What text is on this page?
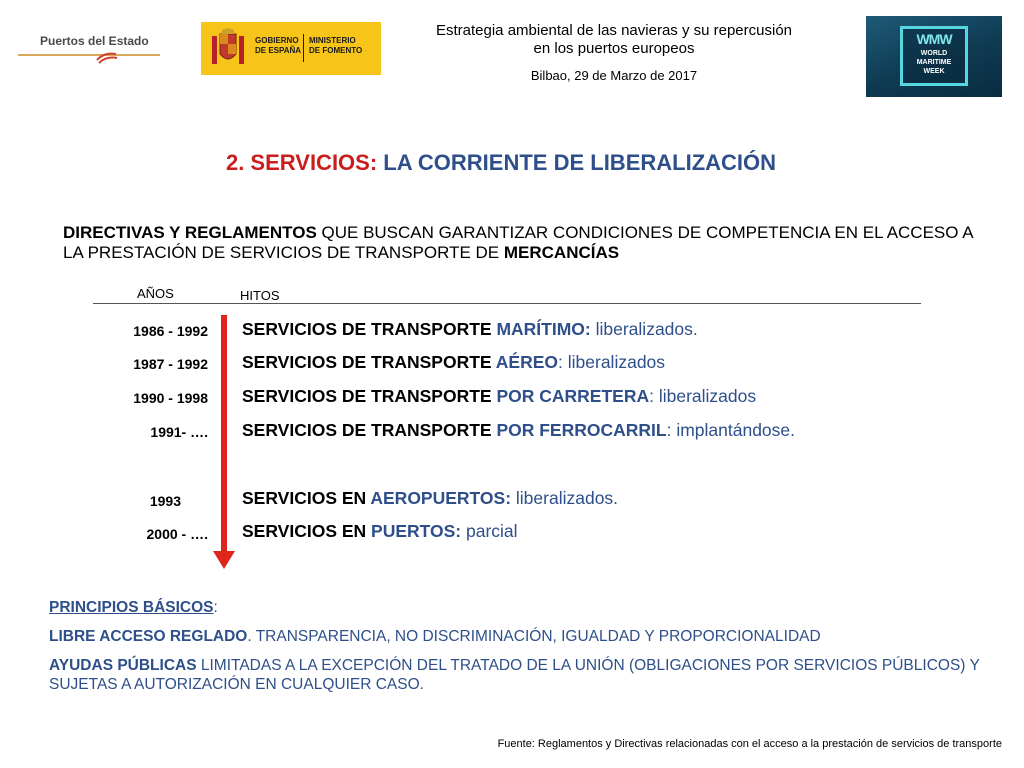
Puertos del Estado	GOBIERNO
DE ESPAÑA
MINISTERIO
DE FOMENTO
Estrategia ambiental de las navieras y su repercusión
en los puertos europeos
Bilbao, 29 de Marzo de 2017
WMW
WORLD
MARITIME
WEEK
2. SERVICIOS: LA CORRIENTE DE LIBERALIZACIÓN
DIRECTIVAS Y REGLAMENTOS QUE BUSCAN GARANTIZAR CONDICIONES DE COMPETENCIA EN EL ACCESO A LA PRESTACIÓN DE SERVICIOS DE TRANSPORTE DE MERCANCÍAS
AÑOS	HITOS
1986 - 1992 SERVICIOS DE TRANSPORTE MARÍTIMO: liberalizados.
1987 - 1992 SERVICIOS DE TRANSPORTE AÉREO: liberalizados
1990 - 1998 SERVICIOS DE TRANSPORTE POR CARRETERA: liberalizados
1991- …. SERVICIOS DE TRANSPORTE POR FERROCARRIL: implantándose.
1993	SERVICIOS EN AEROPUERTOS: liberalizados.
2000 - …. SERVICIOS EN PUERTOS: parcial
PRINCIPIOS BÁSICOS:
LIBRE ACCESO REGLADO. TRANSPARENCIA, NO DISCRIMINACIÓN, IGUALDAD Y PROPORCIONALIDAD
AYUDAS PÚBLICAS LIMITADAS A LA EXCEPCIÓN DEL TRATADO DE LA UNIÓN (OBLIGACIONES POR SERVICIOS PÚBLICOS) Y SUJETAS A AUTORIZACIÓN EN CUALQUIER CASO.
Fuente: Reglamentos y Directivas relacionadas con el acceso a la prestación de servicios de transporte
